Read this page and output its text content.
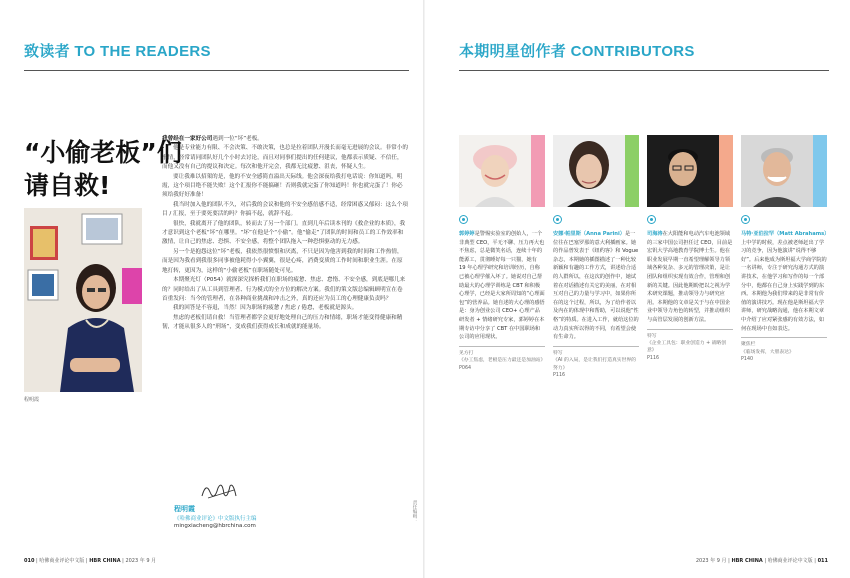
致读者 TO THE READERS
“小偷老板”们
请自救!
程明霞

我曾经在一家好公司遇到一位“坏”老板。

他是专业能力有限、不会决策、不敢决策，也总是拉着团队开漫长而毫无进展的会议。非常小的事情，经常请同团队好几个小时去讨论，而且对同事们提出的任何建议，他都表示质疑、不信任，而他又没有自己的提议和决定。每次和他开完会，我都无比疲惫、沮丧，怀疑人生。

要让我难以招架的是，他的不安全感简直溢出天际线。他会深夜给我打电话说：你知道吗，明霞，这个项目绝不能失败！这个汇报你不能搞砸！否则我就完蛋了你知道吗！你也就完蛋了！你必须给我好好准备！

我当时加入他的团队不久，对后我的会议和他的不安全感倍感不适，经常困惑又郁闷：这么个项目 / 汇报，至于要死要活的吗？你搞不起，就辞不起。

很快，我就离开了他的团队，转而去了另一个部门。直到几年后读本刊的《救企业的本质》，我才意识到这个老板“坏”在哪里。“坏”在他是个“小偷”。他“偷走”了团队的时间和员工的工作效率和激情，让自己的焦虑、恐惧、不安全感，将整个团队拖入一种恐惧驱动的无力感。

另一个是抱怨这位“坏”老板，我依然很愤恨和厌离，不只是因为他害到我的时间和工作热情，而是因为我看到我很多同事被他耗得小小翼翼，很是心疼，消费变质的工作时间和职业生涯。在原地打转，更因为，这样的“小偷老板”在职场随处可见。

本期聚光灯（P054）就探深究探析我们在职场的疲惫、焦虑、怠惰、不安全感，到底是哪儿来的？同时给出了从工具到管理者、行为模式的全方位的解决方案。我们的策文版总编辑顾明宣在卷首重发问：当今的管理者，在各种商业挑战和冲击之外，真的还应为员工的心理健康负责吗？

我的回答是不容退，当然！因为职场的疲惫 / 焦虑 / 倦怠，老板就是源头。

焦虑的老板们请自救！当管理者都学会更好地处理自己的压力和情绪，职场才能变得健康和精韧，才能从很多人的“刑场”，变成我们获得成长和成就的能量场。

程明霞
《哈佛商业评论》中文版执行主编
mingxiacheng@hbrchina.com
责任编辑：
010 | 哈佛商业评论中文版 | HBR CHINA | 2023 年 9 月
本期明星创作者 CONTRIBUTORS
郭婷婷是警惕实验室的创始人，一个非典型 CEO，平无不聊、压力再大也不焦虑，总是微笑名话，连续十年的能源工，贯彻睡好每一只猫，她有 19 年心理学研究和培训经历，自称已被心理学催入坏了。她说对自己帮助最大的心理学训练是 CBT 和积极心理学，已经是大家所周知的“心理面包”的营养品。她自述的大心理的感悟是：身为创业公司 CEO+ 心理产品研发者 + 情绪研究专家，郭婷婷在本期专访中分享了 CBT 在中国职场和公司的应用现状。
见方打
《办工焦虑，老板是压力最还是加油站》
P064
安娜·帕里斯（Anna Parini）是一位往在巴塞罗那的意大利插画家。她的作品曾发表于《纽约客》和 Vogue 杂志，本期她的插图描述了一种比较新颖和有趣的工作方式，讲述给合适的人群所以，在这次的创作中，她试着在对话描述有关它的美丽，在对相互对自己的力量与学习中，如果你所在的这个过程，所以，为了给作者以及内在的体现中和帮助，可以说他“性格”的特质。在进入工作，就给这位的动力真实所以得的不同，有希望会使有生命力。
特写
《AI 的入局，是让我们打造真实世界的努力》
P116
司海涛在大阳能和电动汽车电池领域的三家中国公司担任过 CEO，目前是宏钒大学高地教育学院博士生。他在职业发展早期一直希望理解领导力领域各种复杂、多元的管理决策，是让团队和组织实现有效合作，管理和创新的关键。因此他期盼把以之视为学术研究课题，推动领导力与研究应用。本期他的文章是关于与在中国企业中领导力角色的转型，并推动组织与高管层发展的创新方法。
特写
《企业工具包：职业创造力 + 战略创意》
P116
马特·亚伯拉罕（Matt Abrahams）上中学的时候，差点被老师赶出了学习的竞争，因为他演讲“说得不够好”。后来他成为斯坦福大学商学院的一名讲师，专注于研究沟通方式的演讲技术，在他学习和写作的每一个部分中，他都在自己身上实践学到的东西。本期他为我们带来的是非常有价值的演讲技巧。现在他是斯坦福大学讲师，研究战略沟通，他在本期文章中介绍了应对紧张感的有效方法，如何在现场中自如表达。
聚焦栏
《临场发挥，大胆表达》
P140
2023 年 9 月 | HBR CHINA | 哈佛商业评论中文版 | 011
